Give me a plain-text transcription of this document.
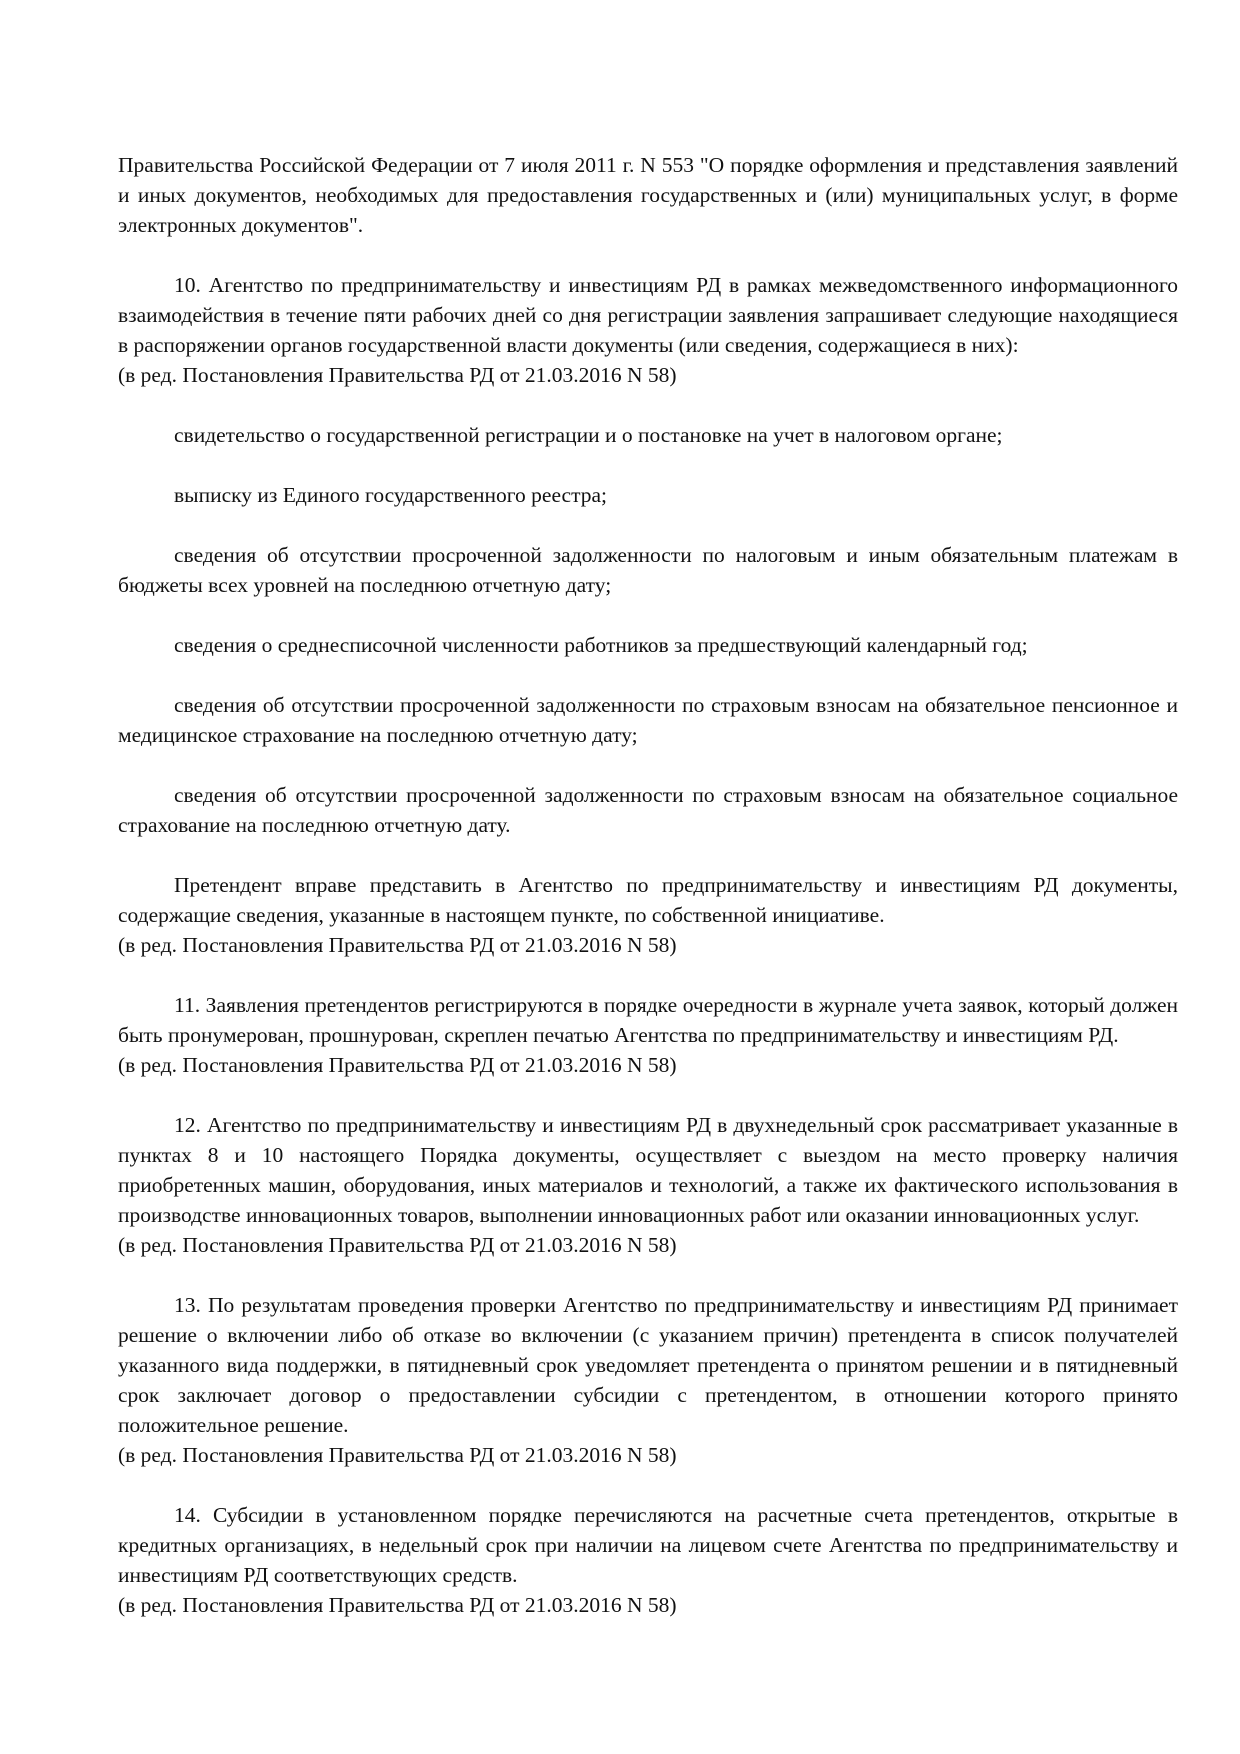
Правительства Российской Федерации от 7 июля 2011 г. N 553 "О порядке оформления и представления заявлений и иных документов, необходимых для предоставления государственных и (или) муниципальных услуг, в форме электронных документов".

10. Агентство по предпринимательству и инвестициям РД в рамках межведомственного информационного взаимодействия в течение пяти рабочих дней со дня регистрации заявления запрашивает следующие находящиеся в распоряжении органов государственной власти документы (или сведения, содержащиеся в них):

(в ред. Постановления Правительства РД от 21.03.2016 N 58)

свидетельство о государственной регистрации и о постановке на учет в налоговом органе;

выписку из Единого государственного реестра;

сведения об отсутствии просроченной задолженности по налоговым и иным обязательным платежам в бюджеты всех уровней на последнюю отчетную дату;

сведения о среднесписочной численности работников за предшествующий календарный год;

сведения об отсутствии просроченной задолженности по страховым взносам на обязательное пенсионное и медицинское страхование на последнюю отчетную дату;

сведения об отсутствии просроченной задолженности по страховым взносам на обязательное социальное страхование на последнюю отчетную дату.

Претендент вправе представить в Агентство по предпринимательству и инвестициям РД документы, содержащие сведения, указанные в настоящем пункте, по собственной инициативе.

(в ред. Постановления Правительства РД от 21.03.2016 N 58)

11. Заявления претендентов регистрируются в порядке очередности в журнале учета заявок, который должен быть пронумерован, прошнурован, скреплен печатью Агентства по предпринимательству и инвестициям РД.

(в ред. Постановления Правительства РД от 21.03.2016 N 58)

12. Агентство по предпринимательству и инвестициям РД в двухнедельный срок рассматривает указанные в пунктах 8 и 10 настоящего Порядка документы, осуществляет с выездом на место проверку наличия приобретенных машин, оборудования, иных материалов и технологий, а также их фактического использования в производстве инновационных товаров, выполнении инновационных работ или оказании инновационных услуг.

(в ред. Постановления Правительства РД от 21.03.2016 N 58)

13. По результатам проведения проверки Агентство по предпринимательству и инвестициям РД принимает решение о включении либо об отказе во включении (с указанием причин) претендента в список получателей указанного вида поддержки, в пятидневный срок уведомляет претендента о принятом решении и в пятидневный срок заключает договор о предоставлении субсидии с претендентом, в отношении которого принято положительное решение.

(в ред. Постановления Правительства РД от 21.03.2016 N 58)

14. Субсидии в установленном порядке перечисляются на расчетные счета претендентов, открытые в кредитных организациях, в недельный срок при наличии на лицевом счете Агентства по предпринимательству и инвестициям РД соответствующих средств.

(в ред. Постановления Правительства РД от 21.03.2016 N 58)
